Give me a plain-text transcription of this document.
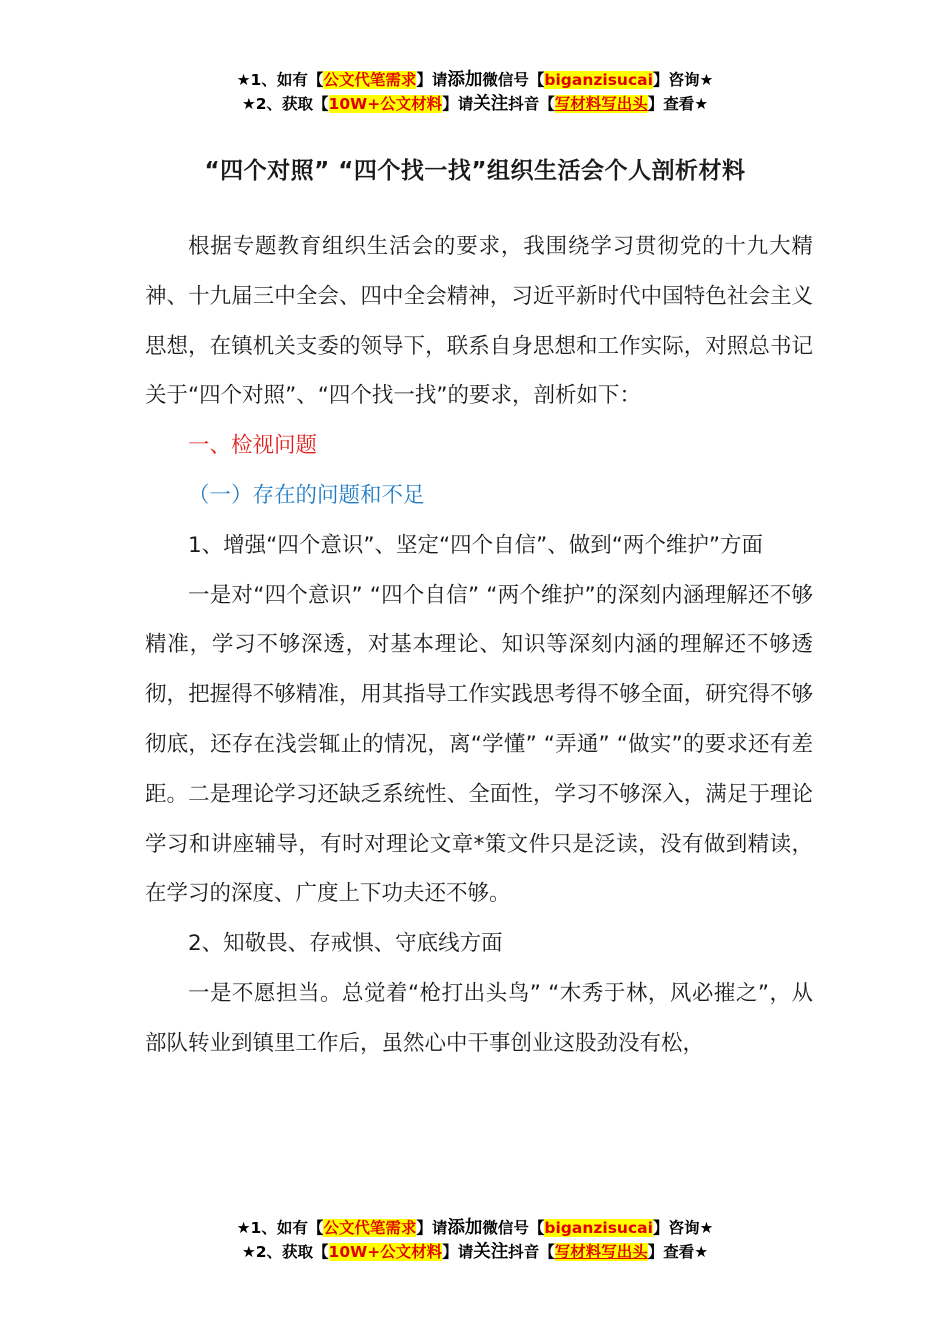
★1、如有【公文代笔需求】请添加微信号【biganzisucai】咨询★
★2、获取【10W+公文材料】请关注抖音【写材料写出头】查看★
“四个对照” “四个找一找”组织生活会个人剖析材料

根据专题教育组织生活会的要求，我围绕学习贯彻党的十九大精神、十九届三中全会、四中全会精神，习近平新时代中国特色社会主义思想，在镇机关支委的领导下，联系自身思想和工作实际，对照总书记关于“四个对照”、“四个找一找”的要求，剖析如下：

一、检视问题

（一）存在的问题和不足

1、增强“四个意识”、坚定“四个自信”、做到“两个维护”方面

一是对“四个意识” “四个自信” “两个维护”的深刻内涵理解还不够精准，学习不够深透，对基本理论、知识等深刻内涵的理解还不够透彻，把握得不够精准，用其指导工作实践思考得不够全面，研究得不够彻底，还存在浅尝辄止的情况，离“学懂” “弄通” “做实”的要求还有差距。二是理论学习还缺乏系统性、全面性，学习不够深入，满足于理论学习和讲座辅导，有时对理论文章*策文件只是泛读，没有做到精读，在学习的深度、广度上下功夫还不够。

2、知敬畏、存戒惧、守底线方面

一是不愿担当。总觉着“枪打出头鸟” “木秀于林，风必摧之”，从部队转业到镇里工作后，虽然心中干事创业这股劲没有松，

★1、如有【公文代笔需求】请添加微信号【biganzisucai】咨询★
★2、获取【10W+公文材料】请关注抖音【写材料写出头】查看★
